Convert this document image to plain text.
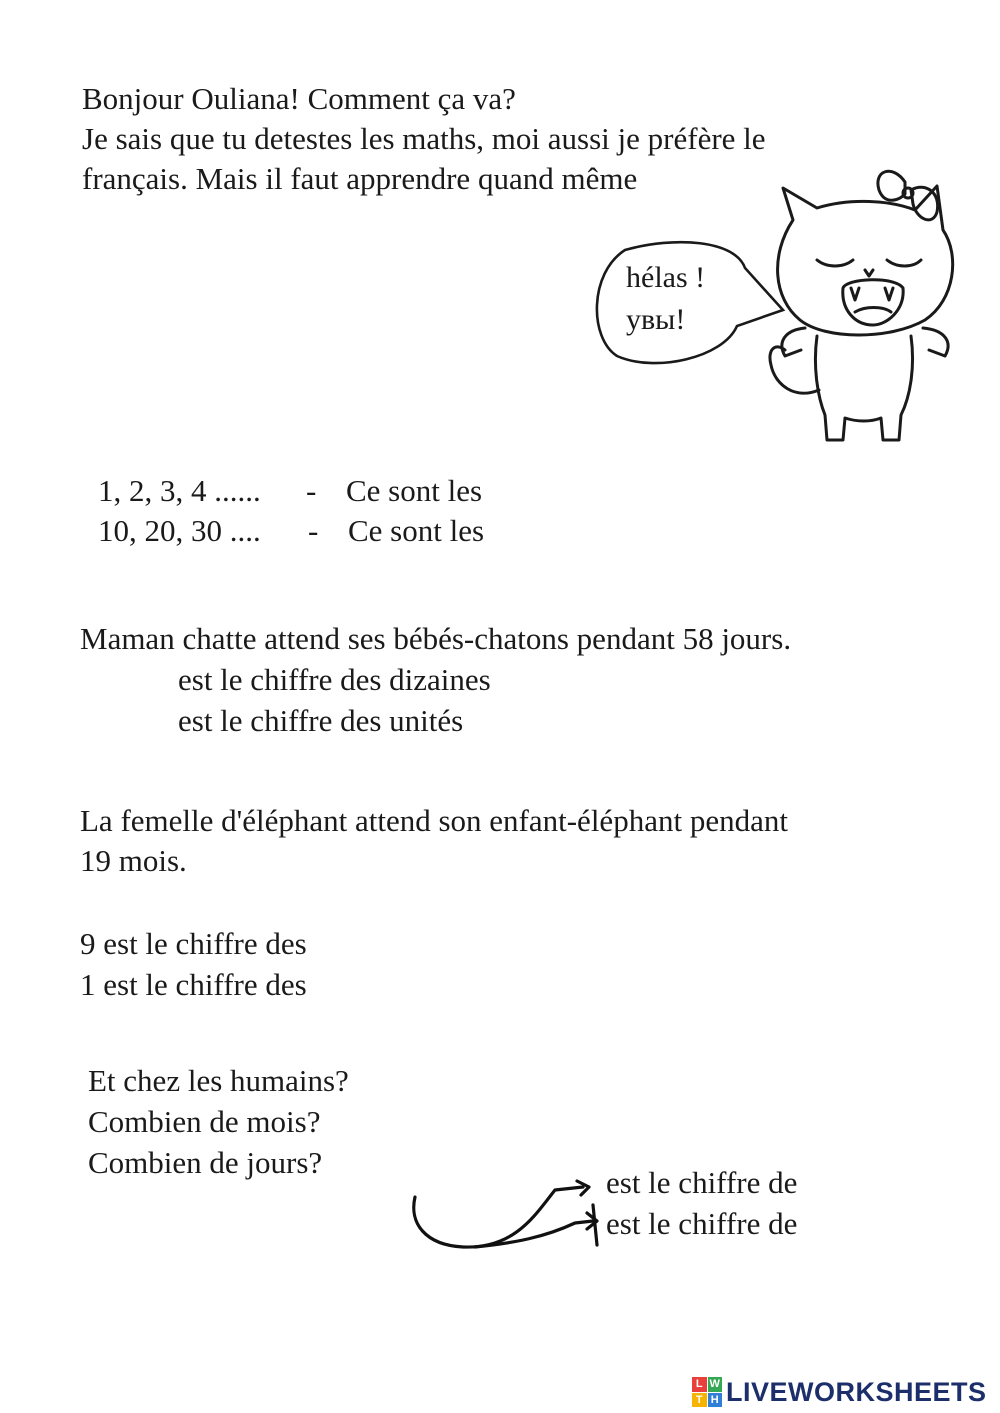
Bonjour Ouliana! Comment ça va?
Je sais que tu detestes les maths, moi aussi je préfère le
français. Mais il faut apprendre quand même
hélas !
увы!
1, 2, 3, 4 ...... - Ce sont les
10, 20, 30 .... - Ce sont les
Maman chatte attend ses bébés-chatons pendant 58 jours.
est le chiffre des dizaines
est le chiffre des unités
La femelle d'éléphant attend son enfant-éléphant pendant
19 mois.
9 est le chiffre des
1 est le chiffre des
Et chez les humains?
Combien de mois?
Combien de jours?
est le chiffre de
est le chiffre de
L W
T H LIVEWORKSHEETS
